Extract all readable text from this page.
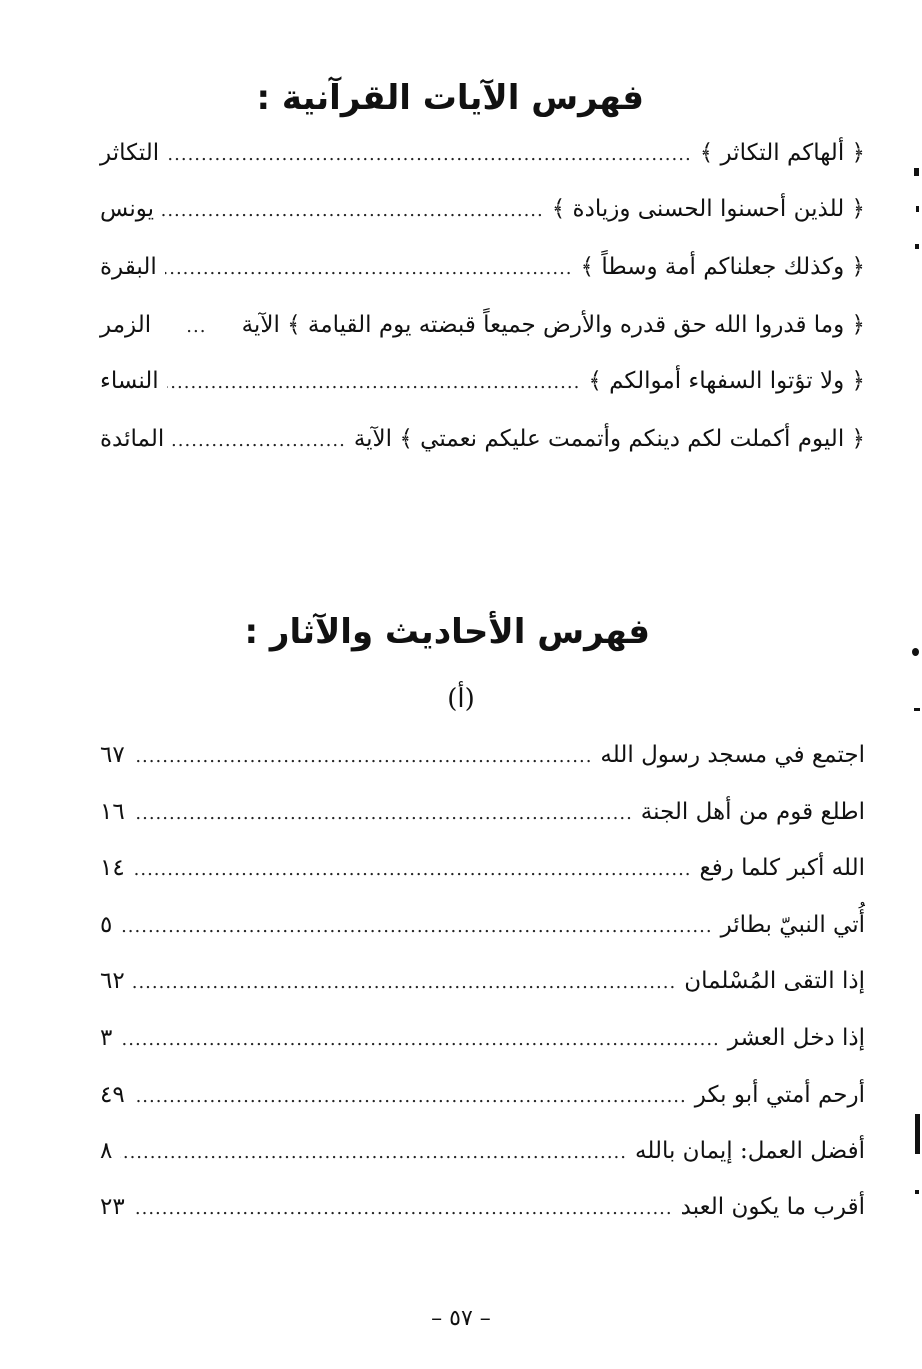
فهرس الآيات القرآنية :
﴿ ألهاكم التكاثر ﴾
.....
التكاثر
﴿ للذين أحسنوا الحسنى وزيادة ﴾
.....
يونس
﴿ وكذلك جعلناكم أمة وسطاً ﴾
.....
البقرة
﴿ وما قدروا الله حق قدره والأرض جميعاً قبضته يوم القيامة ﴾ الآية
...
الزمر
﴿ ولا تؤتوا السفهاء أموالكم ﴾
.....
النساء
﴿ اليوم أكملت لكم دينكم وأتممت عليكم نعمتي ﴾ الآية
.....
المائدة
فهرس الأحاديث والآثار :
(أ)
اجتمع في مسجد رسول الله
.....
٦٧
اطلع قوم من أهل الجنة
.....
١٦
الله أكبر كلما رفع
.....
١٤
أُتي النبيّ بطائر
.....
٥
إذا التقى المُسْلمان
.....
٦٢
إذا دخل العشر
.....
٣
أرحم أمتي أبو بكر
.....
٤٩
أفضل العمل: إيمان بالله
.....
٨
أقرب ما يكون العبد
.....
٢٣
– ٥٧ –
